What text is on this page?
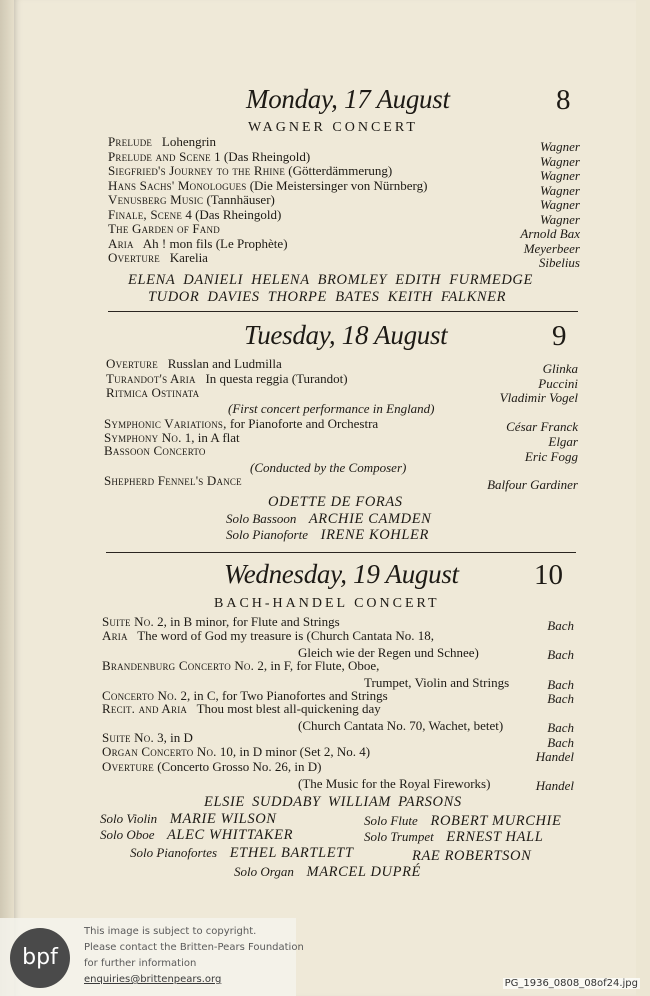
Monday, 17 August	8
WAGNER CONCERT
Prelude Lohengrin	Wagner
Prelude and Scene 1 (Das Rheingold)	Wagner
Siegfried's Journey to the Rhine (Götterdämmerung)	Wagner
Hans Sachs' Monologues (Die Meistersinger von Nürnberg)	Wagner
Venusberg Music (Tannhäuser)	Wagner
Finale, Scene 4 (Das Rheingold)	Wagner
The Garden of Fand	Arnold Bax
Aria Ah ! mon fils (Le Prophète)	Meyerbeer
Overture Karelia	Sibelius
ELENA DANIELI HELENA BROMLEY EDITH FURMEDGE
TUDOR DAVIES THORPE BATES KEITH FALKNER
Tuesday, 18 August	9
Overture Russlan and Ludmilla	Glinka
Turandot's Aria In questa reggia (Turandot)	Puccini
Ritmica Ostinata	Vladimir Vogel
(First concert performance in England)
Symphonic Variations, for Pianoforte and Orchestra	César Franck
Symphony No. 1, in A flat	Elgar
Bassoon Concerto	Eric Fogg
(Conducted by the Composer)
Shepherd Fennel's Dance	Balfour Gardiner
ODETTE DE FORAS
Solo Bassoon ARCHIE CAMDEN
Solo Pianoforte IRENE KOHLER
Wednesday, 19 August	10
BACH-HANDEL CONCERT
Suite No. 2, in B minor, for Flute and Strings	Bach
Aria The word of God my treasure is (Church Cantata No. 18,
Gleich wie der Regen und Schnee)	Bach
Brandenburg Concerto No. 2, in F, for Flute, Oboe,
Trumpet, Violin and Strings	Bach
Concerto No. 2, in C, for Two Pianofortes and Strings	Bach
Recit. and Aria Thou most blest all-quickening day
(Church Cantata No. 70, Wachet, betet)	Bach
Suite No. 3, in D	Bach
Organ Concerto No. 10, in D minor (Set 2, No. 4)	Handel
Overture (Concerto Grosso No. 26, in D)
(The Music for the Royal Fireworks)	Handel
ELSIE SUDDABY WILLIAM PARSONS
Solo Violin MARIE WILSON	Solo Flute ROBERT MURCHIE
Solo Oboe ALEC WHITTAKER	Solo Trumpet ERNEST HALL
Solo Pianofortes ETHEL BARTLETT	RAE ROBERTSON
Solo Organ MARCEL DUPRÉ
bpf
This image is subject to copyright.
Please contact the Britten-Pears Foundation
for further information
enquiries@brittenpears.org	PG_1936_0808_08of24.jpg
